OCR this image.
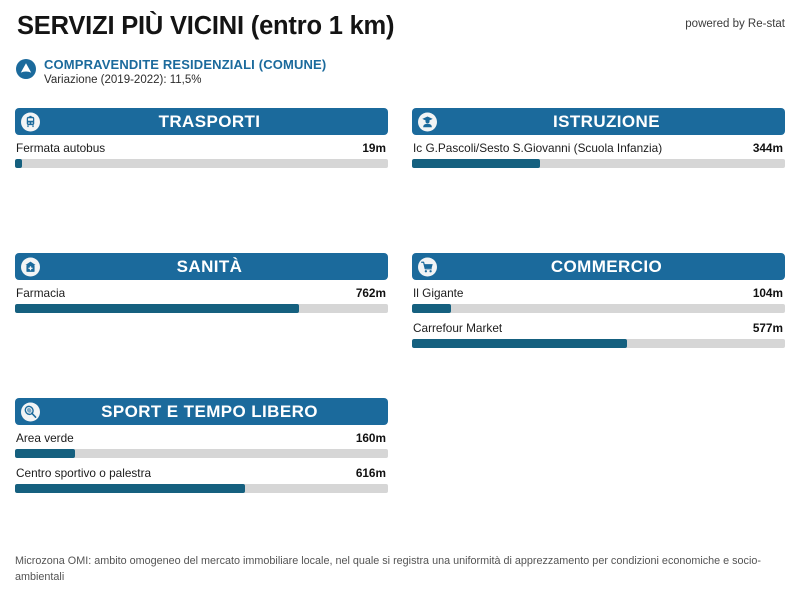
SERVIZI PIÙ VICINI (entro 1 km)	powered by Re-stat
COMPRAVENDITE RESIDENZIALI (COMUNE)
Variazione (2019-2022): 11,5%
TRASPORTI
Fermata autobus	19m
ISTRUZIONE
Ic G.Pascoli/Sesto S.Giovanni (Scuola Infanzia)	344m
SANITÀ
Farmacia	762m
COMMERCIO
Il Gigante	104m
Carrefour Market	577m
SPORT E TEMPO LIBERO
Area verde	160m
Centro sportivo o palestra	616m
Microzona OMI: ambito omogeneo del mercato immobiliare locale, nel quale si registra una uniformità di apprezzamento per condizioni economiche e socio-ambientali
